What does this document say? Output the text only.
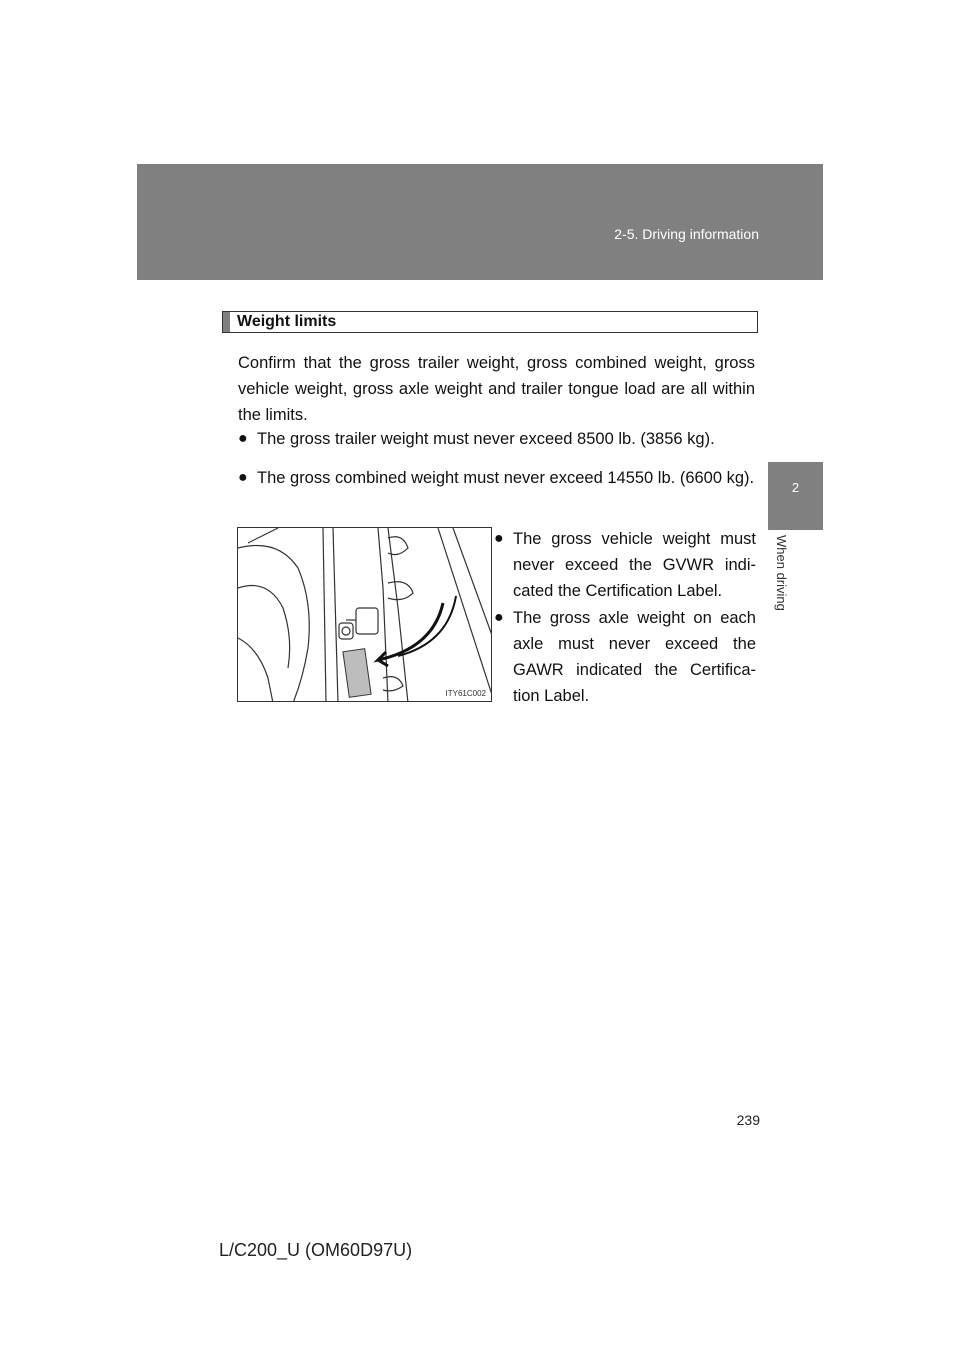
2-5. Driving information
2
When driving
Weight limits
Confirm that the gross trailer weight, gross combined weight, gross vehicle weight, gross axle weight and trailer tongue load are all within the limits.
● The gross trailer weight must never exceed 8500 lb. (3856 kg).
● The gross combined weight must never exceed 14550 lb. (6600 kg).
ITY61C002
● The gross vehicle weight must never exceed the GVWR indi-cated the Certification Label.
● The gross axle weight on each axle must never exceed the GAWR indicated the Certifica-tion Label.
239
L/C200_U (OM60D97U)
